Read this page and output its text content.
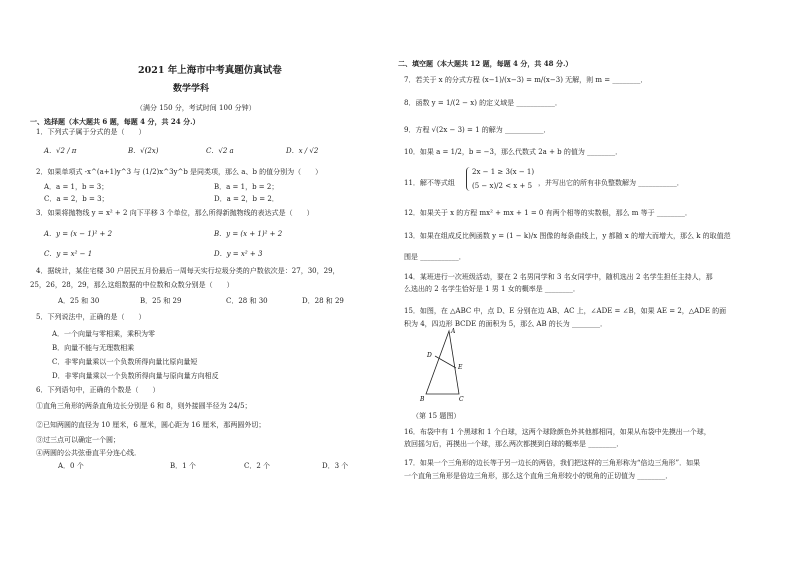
2021 年上海市中考真题仿真试卷
数学学科
（满分 150 分，考试时间 100 分钟）
一、选择题（本大题共 6 题，每题 4 分，共 24 分.）
1．下列式子属于分式的是（　　）
A．√2 / π	B．√(2x)	C．√2 a	D．x / √2
2．如果单项式 -x^(a+1)y^3 与 (1/2)x^3y^b 是同类项，那么 a、b 的值分别为（　　）
A．a = 1，b = 3；	B．a = 1，b = 2；
C．a = 2，b = 3；	D．a = 2，b = 2．
3．如果将抛物线 y = x² + 2 向下平移 3 个单位，那么所得新抛物线的表达式是（　　）
A．y = (x − 1)² + 2	B．y = (x + 1)² + 2
C．y = x² − 1	D．y = x² + 3
4．据统计，某住宅楼 30 户居民五月份最后一周每天实行垃圾分类的户数依次是：27，30，29，
25，26，28，29，那么这组数据的中位数和众数分别是（　　）
A．25 和 30	B．25 和 29	C．28 和 30	D．28 和 29
5．下列说法中，正确的是（　　）
A．一个向量与零相乘，乘积为零
B．向量不能与无理数相乘
C．非零向量乘以一个负数所得向量比原向量短
D．非零向量乘以一个负数所得向量与原向量方向相反
6．下列语句中，正确的个数是（　　）
①直角三角形的两条直角边长分别是 6 和 8，则外接圆半径为 24/5；
②已知两圆的直径为 10 厘米，6 厘米，圆心距为 16 厘米，那两圆外切；
③过三点可以确定一个圆；
④两圆的公共弦垂直平分连心线．
A．0 个	B．1 个	C．2 个	D．3 个
二、填空题（本大题共 12 题，每题 4 分，共 48 分.）
7．若关于 x 的分式方程 (x−1)/(x−3) = m/(x−3) 无解，则 m = ________．
8．函数 y = 1/(2 − x) 的定义域是 ___________．
9．方程 √(2x − 3) = 1 的解为 ___________．
10．如果 a = 1/2，b = −3，那么代数式 2a + b 的值为 ________．
11．解不等式组
2x − 1 ≥ 3(x − 1)
(5 − x)/2 < x + 5 ，并写出它的所有非负整数解为 ___________．
12．如果关于 x 的方程 mx² + mx + 1 = 0 有两个相等的实数根，那么 m 等于 ________．
13．如果在组成反比例函数 y = (1 − k)/x 图像的每条曲线上，y 都随 x 的增大而增大，那么 k 的取值范
围是 ___________．
14．某班进行一次班级活动，要在 2 名男同学和 3 名女同学中，随机选出 2 名学生担任主持人，那
么选出的 2 名学生恰好是 1 男 1 女的概率是 ________．
15．如图，在 △ABC 中，点 D、E 分别在边 AB、AC 上，∠ADE = ∠B，如果 AE = 2，△ADE 的面
积为 4，四边形 BCDE 的面积为 5，那么 AB 的长为 ________．
A
D
E
B	C
（第 15 题图）
16．布袋中有 1 个黑球和 1 个白球，这两个球除颜色外其他都相同，如果从布袋中先摸出一个球，
放回摇匀后，再摸出一个球，那么两次都摸到白球的概率是 ________．
17．如果一个三角形的边长等于另一边长的两倍，我们把这样的三角形称为“倍边三角形”．如果
一个直角三角形是倍边三角形，那么这个直角三角形较小的锐角的正切值为 ________．
